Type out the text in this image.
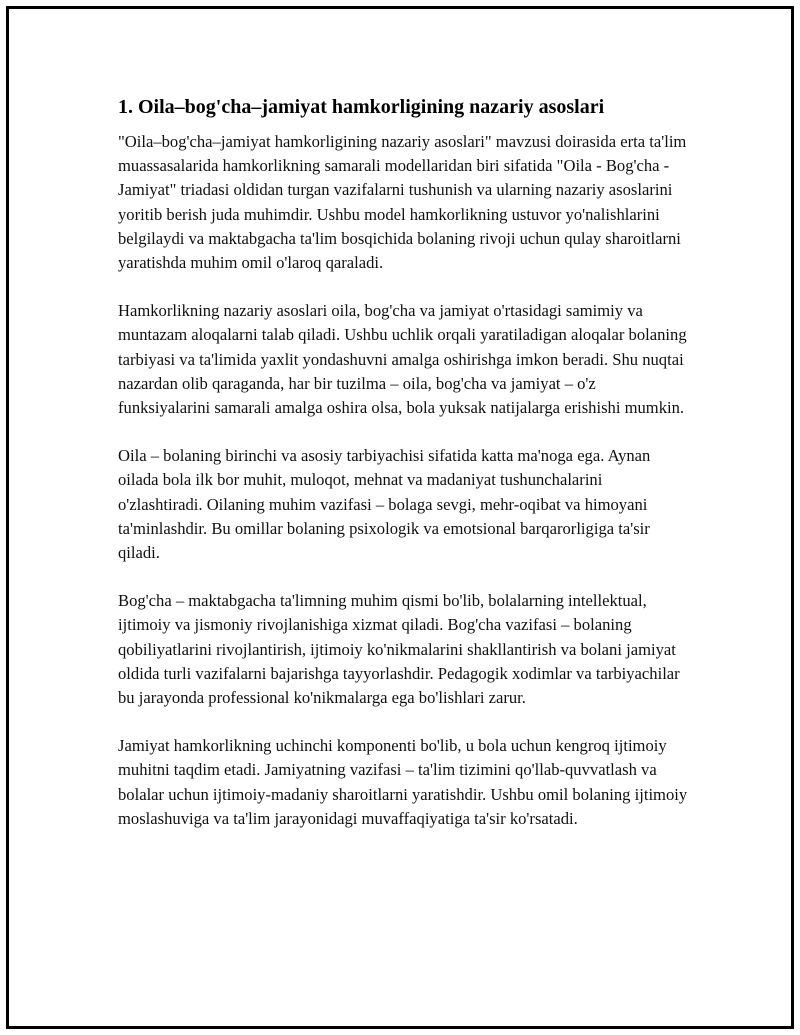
1. Oila–bog'cha–jamiyat hamkorligining nazariy asoslari

"Oila–bog'cha–jamiyat hamkorligining nazariy asoslari" mavzusi doirasida erta ta'lim muassasalarida hamkorlikning samarali modellaridan biri sifatida "Oila - Bog'cha - Jamiyat" triadasi oldidan turgan vazifalarni tushunish va ularning nazariy asoslarini yoritib berish juda muhimdir. Ushbu model hamkorlikning ustuvor yo'nalishlarini belgilaydi va maktabgacha ta'lim bosqichida bolaning rivoji uchun qulay sharoitlarni yaratishda muhim omil o'laroq qaraladi.

Hamkorlikning nazariy asoslari oila, bog'cha va jamiyat o'rtasidagi samimiy va muntazam aloqalarni talab qiladi. Ushbu uchlik orqali yaratiladigan aloqalar bolaning tarbiyasi va ta'limida yaxlit yondashuvni amalga oshirishga imkon beradi. Shu nuqtai nazardan olib qaraganda, har bir tuzilma – oila, bog'cha va jamiyat – o'z funksiyalarini samarali amalga oshira olsa, bola yuksak natijalarga erishishi mumkin.

Oila – bolaning birinchi va asosiy tarbiyachisi sifatida katta ma'noga ega. Aynan oilada bola ilk bor muhit, muloqot, mehnat va madaniyat tushunchalarini o'zlashtiradi. Oilaning muhim vazifasi – bolaga sevgi, mehr-oqibat va himoyani ta'minlashdir. Bu omillar bolaning psixologik va emotsional barqarorligiga ta'sir qiladi.

Bog'cha – maktabgacha ta'limning muhim qismi bo'lib, bolalarning intellektual, ijtimoiy va jismoniy rivojlanishiga xizmat qiladi. Bog'cha vazifasi – bolaning qobiliyatlarini rivojlantirish, ijtimoiy ko'nikmalarini shakllantirish va bolani jamiyat oldida turli vazifalarni bajarishga tayyorlashdir. Pedagogik xodimlar va tarbiyachilar bu jarayonda professional ko'nikmalarga ega bo'lishlari zarur.

Jamiyat hamkorlikning uchinchi komponenti bo'lib, u bola uchun kengroq ijtimoiy muhitni taqdim etadi. Jamiyatning vazifasi – ta'lim tizimini qo'llab-quvvatlash va bolalar uchun ijtimoiy-madaniy sharoitlarni yaratishdir. Ushbu omil bolaning ijtimoiy moslashuviga va ta'lim jarayonidagi muvaffaqiyatiga ta'sir ko'rsatadi.
